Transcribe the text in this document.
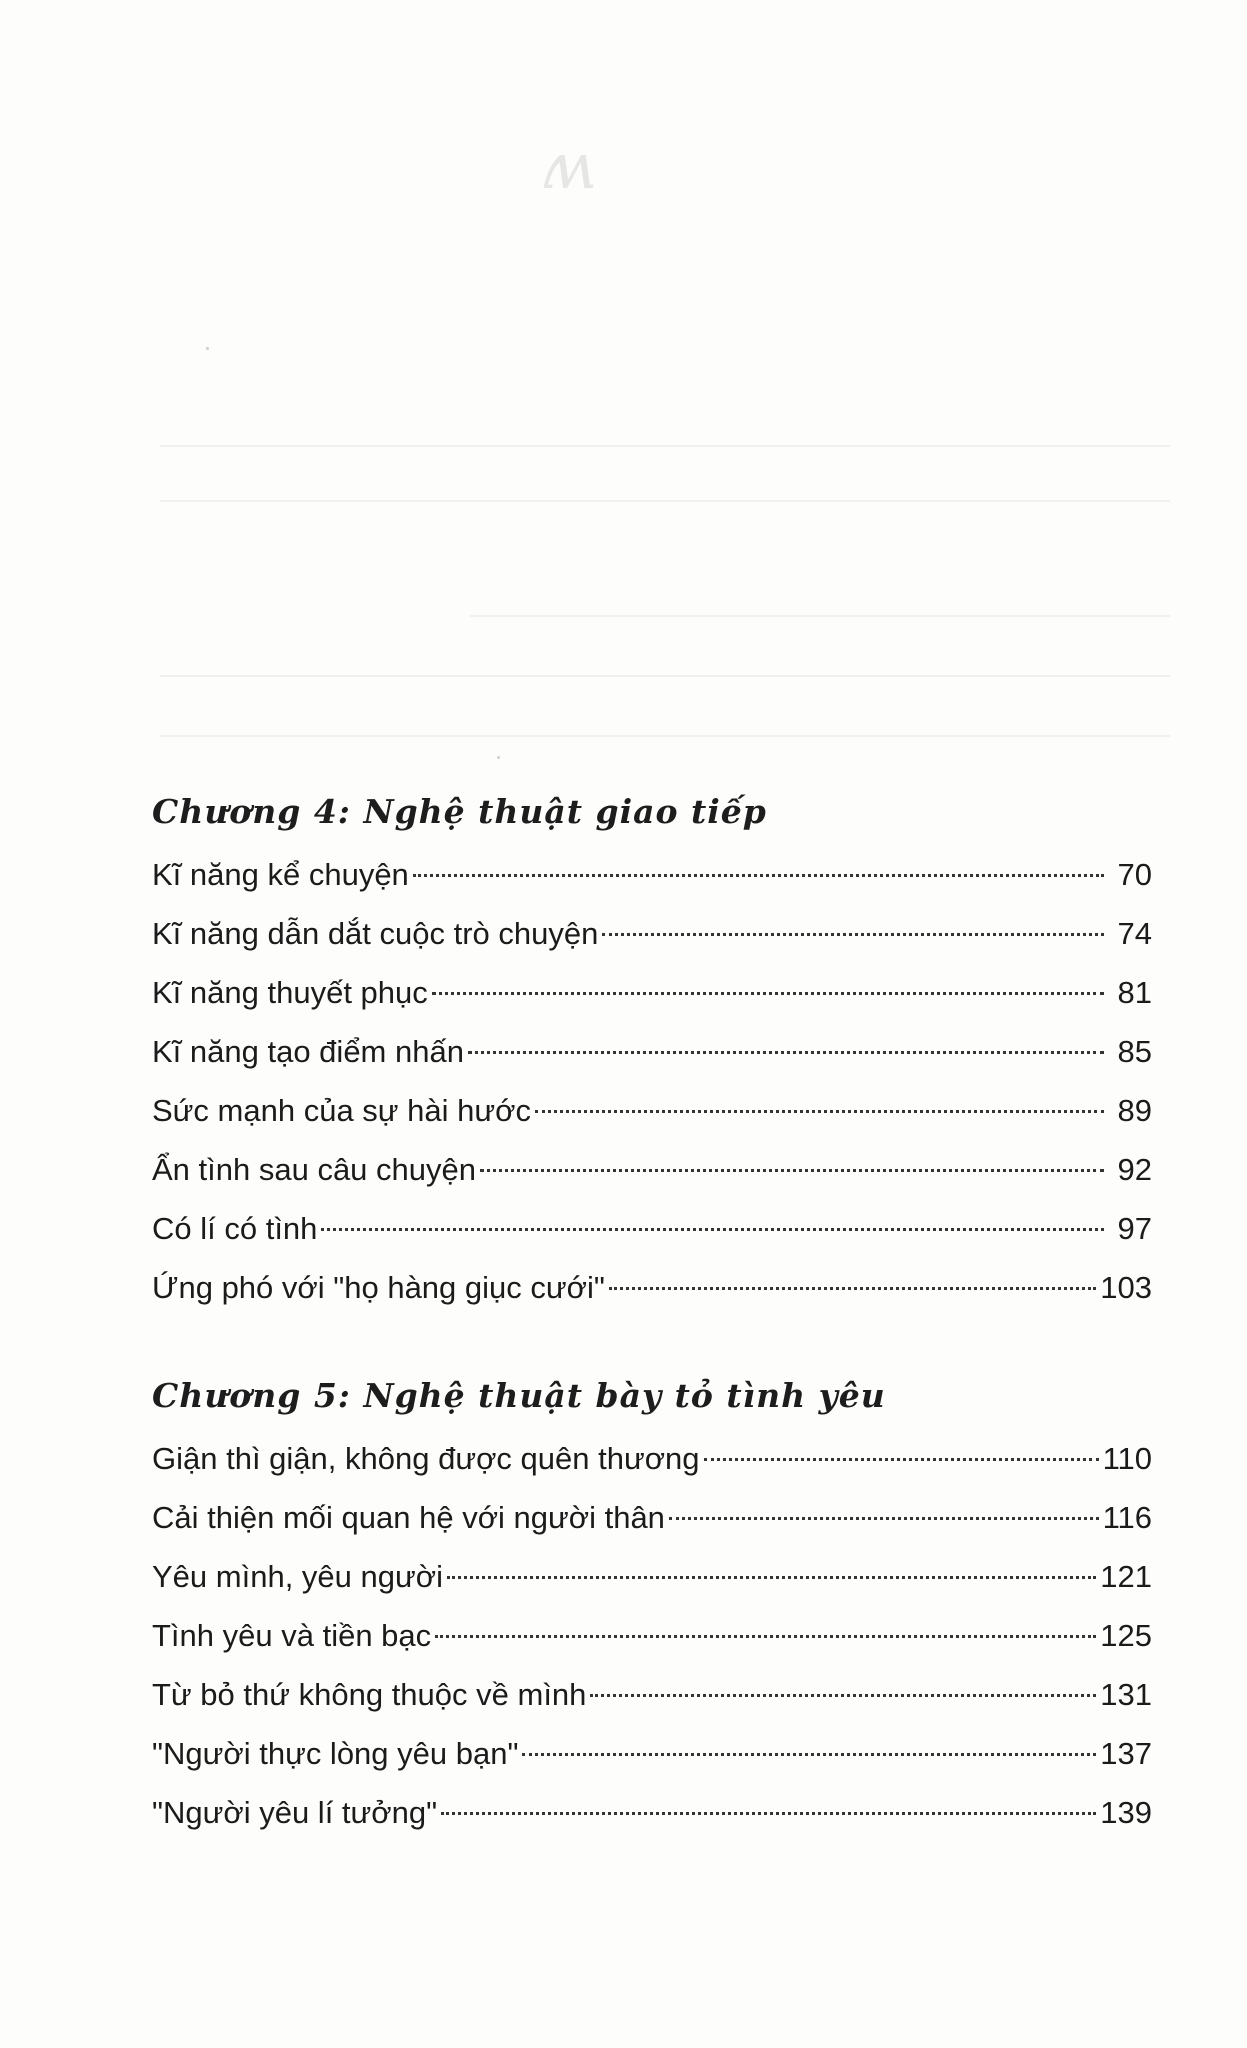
ʍ
Chương 4: Nghệ thuật giao tiếp
Kĩ năng kể chuyện	70
Kĩ năng dẫn dắt cuộc trò chuyện	74
Kĩ năng thuyết phục	81
Kĩ năng tạo điểm nhấn	85
Sức mạnh của sự hài hước	89
Ẩn tình sau câu chuyện	92
Có lí có tình	97
Ứng phó với "họ hàng giục cưới"	103
Chương 5: Nghệ thuật bày tỏ tình yêu
Giận thì giận, không được quên thương	110
Cải thiện mối quan hệ với người thân	116
Yêu mình, yêu người	121
Tình yêu và tiền bạc	125
Từ bỏ thứ không thuộc về mình	131
"Người thực lòng yêu bạn"	137
"Người yêu lí tưởng"	139
